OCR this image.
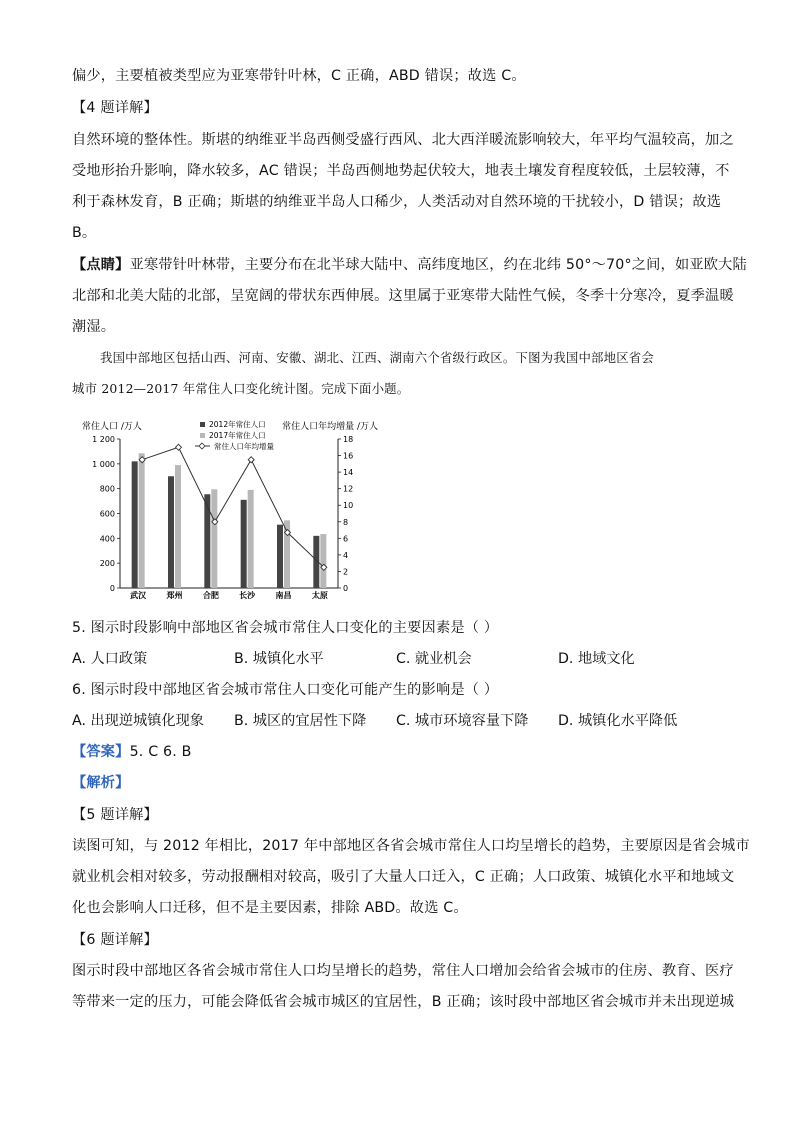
偏少，主要植被类型应为亚寒带针叶林，C 正确，ABD 错误；故选 C。
【4 题详解】
自然环境的整体性。斯堪的纳维亚半岛西侧受盛行西风、北大西洋暖流影响较大，年平均气温较高，加之
受地形抬升影响，降水较多，AC 错误；半岛西侧地势起伏较大，地表土壤发育程度较低，土层较薄，不
利于森林发育，B 正确；斯堪的纳维亚半岛人口稀少，人类活动对自然环境的干扰较小，D 错误；故选
B。
【点睛】亚寒带针叶林带，主要分布在北半球大陆中、高纬度地区，约在北纬 50°～70°之间，如亚欧大陆
北部和北美大陆的北部，呈宽阔的带状东西伸展。这里属于亚寒带大陆性气候，冬季十分寒冷，夏季温暖
潮湿。
我国中部地区包括山西、河南、安徽、湖北、江西、湖南六个省级行政区。下图为我国中部地区省会
城市 2012—2017 年常住人口变化统计图。完成下面小题。
常住人口 /万人	常住人口年均增量 /万人
0
200
400
600
800
1 000
1 200
0
2
4
6
8
10
12
14
16
18
武汉	郑州	合肥	长沙	南昌	太原
2012年常住人口
2017年常住人口
常住人口年均增量
5. 图示时段影响中部地区省会城市常住人口变化的主要因素是（ ）
A. 人口政策	B. 城镇化水平	C. 就业机会	D. 地域文化
6. 图示时段中部地区省会城市常住人口变化可能产生的影响是（ ）
A. 出现逆城镇化现象 B. 城区的宜居性下降 C. 城市环境容量下降 D. 城镇化水平降低
【答案】5. C 6. B
【解析】
【5 题详解】
读图可知，与 2012 年相比，2017 年中部地区各省会城市常住人口均呈增长的趋势，主要原因是省会城市
就业机会相对较多，劳动报酬相对较高，吸引了大量人口迁入，C 正确；人口政策、城镇化水平和地域文
化也会影响人口迁移，但不是主要因素，排除 ABD。故选 C。
【6 题详解】
图示时段中部地区各省会城市常住人口均呈增长的趋势，常住人口增加会给省会城市的住房、教育、医疗
等带来一定的压力，可能会降低省会城市城区的宜居性，B 正确；该时段中部地区省会城市并未出现逆城
